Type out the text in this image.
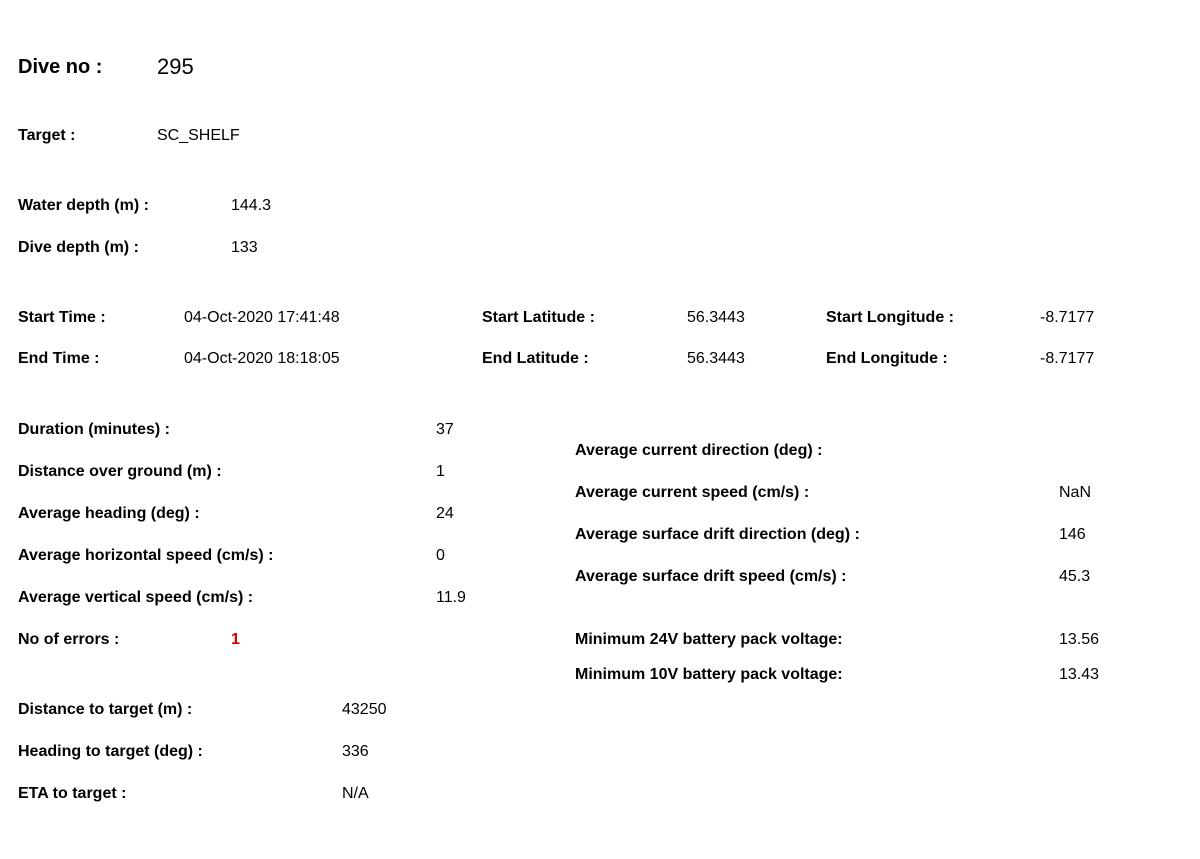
Dive no : 295
Target :	SC_SHELF
Water depth (m) :	144.3
Dive depth (m) :	133
Start Time :	04-Oct-2020 17:41:48	Start Latitude :	56.3443	Start Longitude :	-8.7177
End Time :	04-Oct-2020 18:18:05	End Latitude :	56.3443	End Longitude :	-8.7177
Duration (minutes) :	37
Distance over ground (m) :	1
Average heading (deg) :	24
Average horizontal speed (cm/s) :	0
Average vertical speed (cm/s) :	11.9
No of errors :	1
Average current direction (deg) :
Average current speed (cm/s) :	NaN
Average surface drift direction (deg) :	146
Average surface drift speed (cm/s) :	45.3
Minimum 24V battery pack voltage:	13.56
Minimum 10V battery pack voltage:	13.43
Distance to target (m) :	43250
Heading to target (deg) :	336
ETA to target :	N/A
